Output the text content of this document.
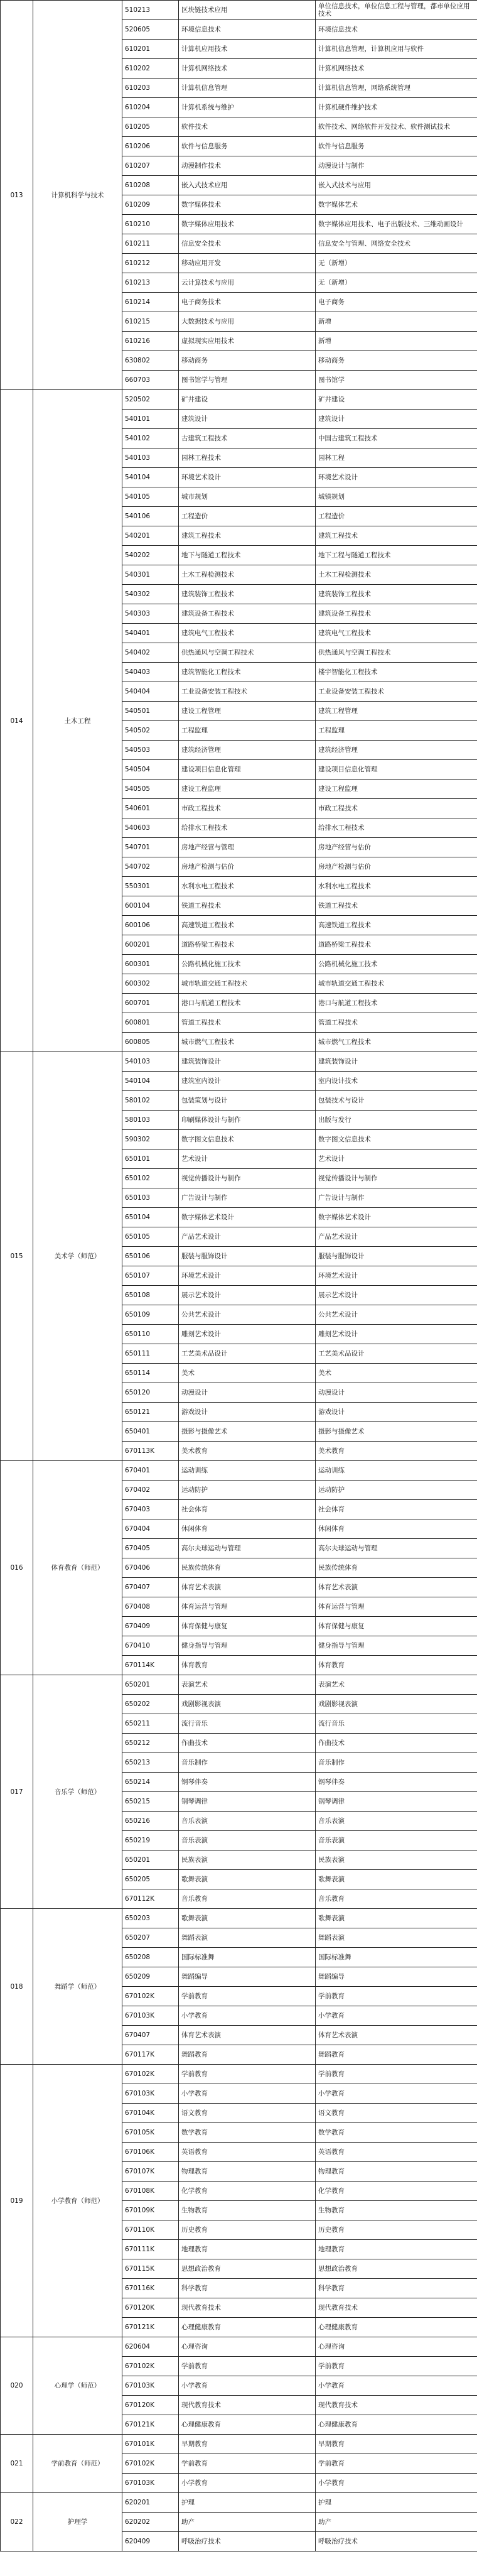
013	计算机科学与技术	510213	区块链技术应用	单位信息技术，单位信息工程与管理，都市单位应用技术
		520605	环境信息技术	环境信息技术
		610201	计算机应用技术	计算机信息管理，计算机应用与软件
		610202	计算机网络技术	计算机网络技术
		610203	计算机信息管理	计算机信息管理，网络系统管理
		610204	计算机系统与维护	计算机硬件维护技术
		610205	软件技术	软件技术、网络软件开发技术、软件测试技术
		610206	软件与信息服务	软件与信息服务
		610207	动漫制作技术	动漫设计与制作
		610208	嵌入式技术应用	嵌入式技术与应用
		610209	数字媒体技术	数字媒体艺术
		610210	数字媒体应用技术	数字媒体应用技术、电子出版技术、三维动画设计
		610211	信息安全技术	信息安全与管理、网络安全技术
		610212	移动应用开发	无（新增）
		610213	云计算技术与应用	无（新增）
		610214	电子商务技术	电子商务
		610215	大数据技术与应用	新增
		610216	虚拟现实应用技术	新增
		630802	移动商务	移动商务
		660703	图书馆学与管理	图书馆学
014	土木工程	520502	矿井建设	矿井建设
		540101	建筑设计	建筑设计
		540102	古建筑工程技术	中国古建筑工程技术
		540103	园林工程技术	园林工程
		540104	环境艺术设计	环境艺术设计
		540105	城市规划	城镇规划
		540106	工程造价	工程造价
		540201	建筑工程技术	建筑工程技术
		540202	地下与隧道工程技术	地下工程与隧道工程技术
		540301	土木工程检测技术	土木工程检测技术
		540302	建筑装饰工程技术	建筑装饰工程技术
		540303	建筑设备工程技术	建筑设备工程技术
		540401	建筑电气工程技术	建筑电气工程技术
		540402	供热通风与空调工程技术	供热通风与空调工程技术
		540403	建筑智能化工程技术	楼宇智能化工程技术
		540404	工业设备安装工程技术	工业设备安装工程技术
		540501	建设工程管理	建筑工程管理
		540502	工程监理	工程监理
		540503	建筑经济管理	建筑经济管理
		540504	建设项目信息化管理	建设项目信息化管理
		540505	建设工程监理	建设工程监理
		540601	市政工程技术	市政工程技术
		540603	给排水工程技术	给排水工程技术
		540701	房地产经营与管理	房地产经营与估价
		540702	房地产检测与估价	房地产检测与估价
		550301	水利水电工程技术	水利水电工程技术
		600104	铁道工程技术	铁道工程技术
		600106	高速铁道工程技术	高速铁道工程技术
		600201	道路桥梁工程技术	道路桥梁工程技术
		600301	公路机械化施工技术	公路机械化施工技术
		600302	城市轨道交通工程技术	城市轨道交通工程技术
		600701	港口与航道工程技术	港口与航道工程技术
		600801	管道工程技术	管道工程技术
		600805	城市燃气工程技术	城市燃气工程技术
015	美术学（师范）	540103	建筑装饰设计	建筑装饰设计
		540104	建筑室内设计	室内设计技术
		580102	包装策划与设计	包装技术与设计
		580103	印刷媒体设计与制作	出版与发行
		590302	数字图文信息技术	数字图文信息技术
		650101	艺术设计	艺术设计
		650102	视觉传播设计与制作	视觉传播设计与制作
		650103	广告设计与制作	广告设计与制作
		650104	数字媒体艺术设计	数字媒体艺术设计
		650105	产品艺术设计	产品艺术设计
		650106	服装与服饰设计	服装与服饰设计
		650107	环境艺术设计	环境艺术设计
		650108	展示艺术设计	展示艺术设计
		650109	公共艺术设计	公共艺术设计
		650110	雕刻艺术设计	雕刻艺术设计
		650111	工艺美术品设计	工艺美术品设计
		650114	美术	美术
		650120	动漫设计	动漫设计
		650121	游戏设计	游戏设计
		650401	摄影与摄像艺术	摄影与摄像艺术
		670113K	美术教育	美术教育
016	体育教育（师范）	670401	运动训练	运动训练
		670402	运动防护	运动防护
		670403	社会体育	社会体育
		670404	休闲体育	休闲体育
		670405	高尔夫球运动与管理	高尔夫球运动与管理
		670406	民族传统体育	民族传统体育
		670407	体育艺术表演	体育艺术表演
		670408	体育运营与管理	体育运营与管理
		670409	体育保健与康复	体育保健与康复
		670410	健身指导与管理	健身指导与管理
		670114K	体育教育	体育教育
017	音乐学（师范）	650201	表演艺术	表演艺术
		650202	戏剧影视表演	戏剧影视表演
		650211	流行音乐	流行音乐
		650212	作曲技术	作曲技术
		650213	音乐制作	音乐制作
		650214	钢琴伴奏	钢琴伴奏
		650215	钢琴调律	钢琴调律
		650216	音乐表演	音乐表演
		650219	音乐表演	音乐表演
		650201	民族表演	民族表演
		650205	歌舞表演	歌舞表演
		670112K	音乐教育	音乐教育
018	舞蹈学（师范）	650203	歌舞表演	歌舞表演
		650207	舞蹈表演	舞蹈表演
		650208	国际标准舞	国际标准舞
		650209	舞蹈编导	舞蹈编导
		670102K	学前教育	学前教育
		670103K	小学教育	小学教育
		670407	体育艺术表演	体育艺术表演
		670117K	舞蹈教育	舞蹈教育
019	小学教育（师范）	670102K	学前教育	学前教育
		670103K	小学教育	小学教育
		670104K	语文教育	语文教育
		670105K	数学教育	数学教育
		670106K	英语教育	英语教育
		670107K	物理教育	物理教育
		670108K	化学教育	化学教育
		670109K	生物教育	生物教育
		670110K	历史教育	历史教育
		670111K	地理教育	地理教育
		670115K	思想政治教育	思想政治教育
		670116K	科学教育	科学教育
		670120K	现代教育技术	现代教育技术
		670121K	心理健康教育	心理健康教育
020	心理学（师范）	620604	心理咨询	心理咨询
		670102K	学前教育	学前教育
		670103K	小学教育	小学教育
		670120K	现代教育技术	现代教育技术
		670121K	心理健康教育	心理健康教育
021	学前教育（师范）	670101K	早期教育	早期教育
		670102K	学前教育	学前教育
		670103K	小学教育	小学教育
022	护理学	620201	护理	护理
		620202	助产	助产
		620409	呼吸治疗技术	呼吸治疗技术
